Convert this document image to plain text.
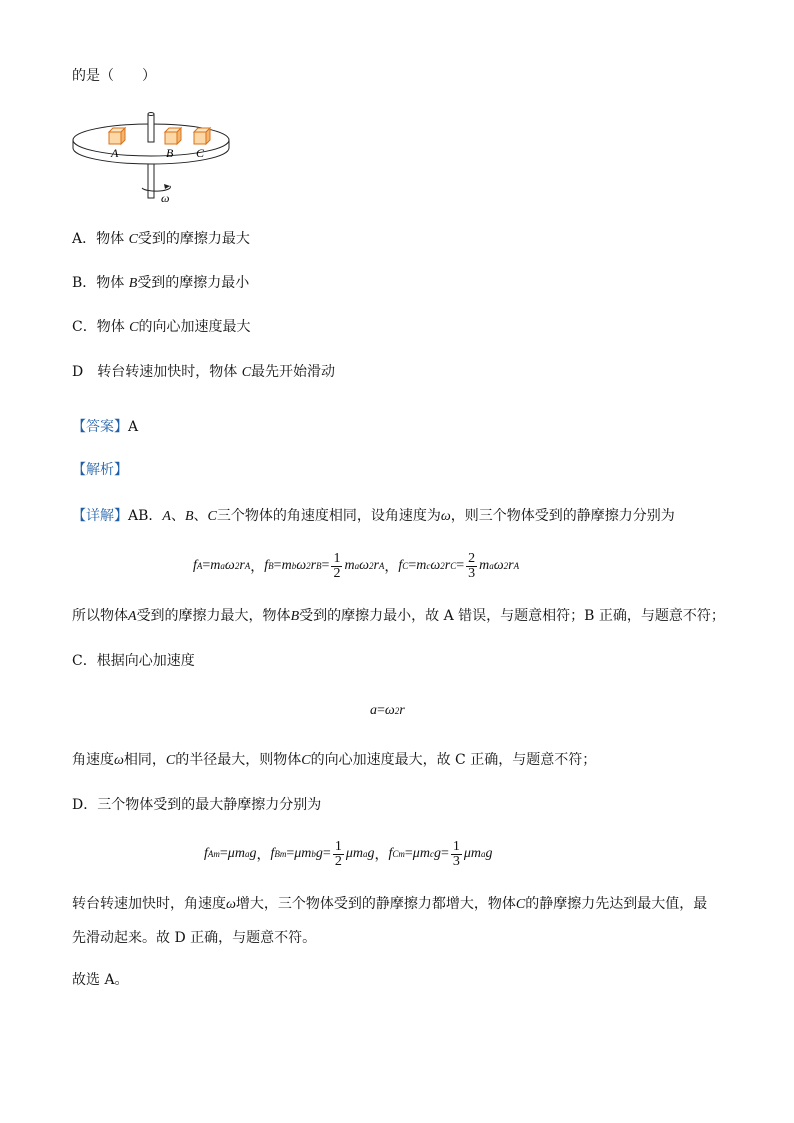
的是（　　）
A	B C
ω
A．物体 C受到的摩擦力最大
B．物体 B受到的摩擦力最小
C．物体 C的向心加速度最大
D　转台转速加快时，物体 C最先开始滑动
【答案】A
【解析】
【详解】AB．A、B、C三个物体的角速度相同，设角速度为ω，则三个物体受到的静摩擦力分别为
f A = m a ω 2 r A ， f B = m b ω 2 r $B = \frac{1}{2}$ m a ω 2 r A ， f C = m c ω 2 r $C = \frac{2}{3}$ m a ω 2 r A
所以物体A受到的摩擦力最大，物体B受到的摩擦力最小，故 A 错误，与题意相符；B 正确，与题意不符；
C．根据向心加速度
a = ω 2 r
角速度ω相同，C的半径最大，则物体C的向心加速度最大，故 C 正确，与题意不符；
D．三个物体受到的最大静摩擦力分别为
f Am = μ m a g ， f Bm = μ m b $g = \frac{1}{2}$ μ m a g ， f Cm = μ m c $g = \frac{1}{3}$ μ m a g
转台转速加快时，角速度ω增大，三个物体受到的静摩擦力都增大，物体C的静摩擦力先达到最大值，最
先滑动起来。故 D 正确，与题意不符。
故选 A。
